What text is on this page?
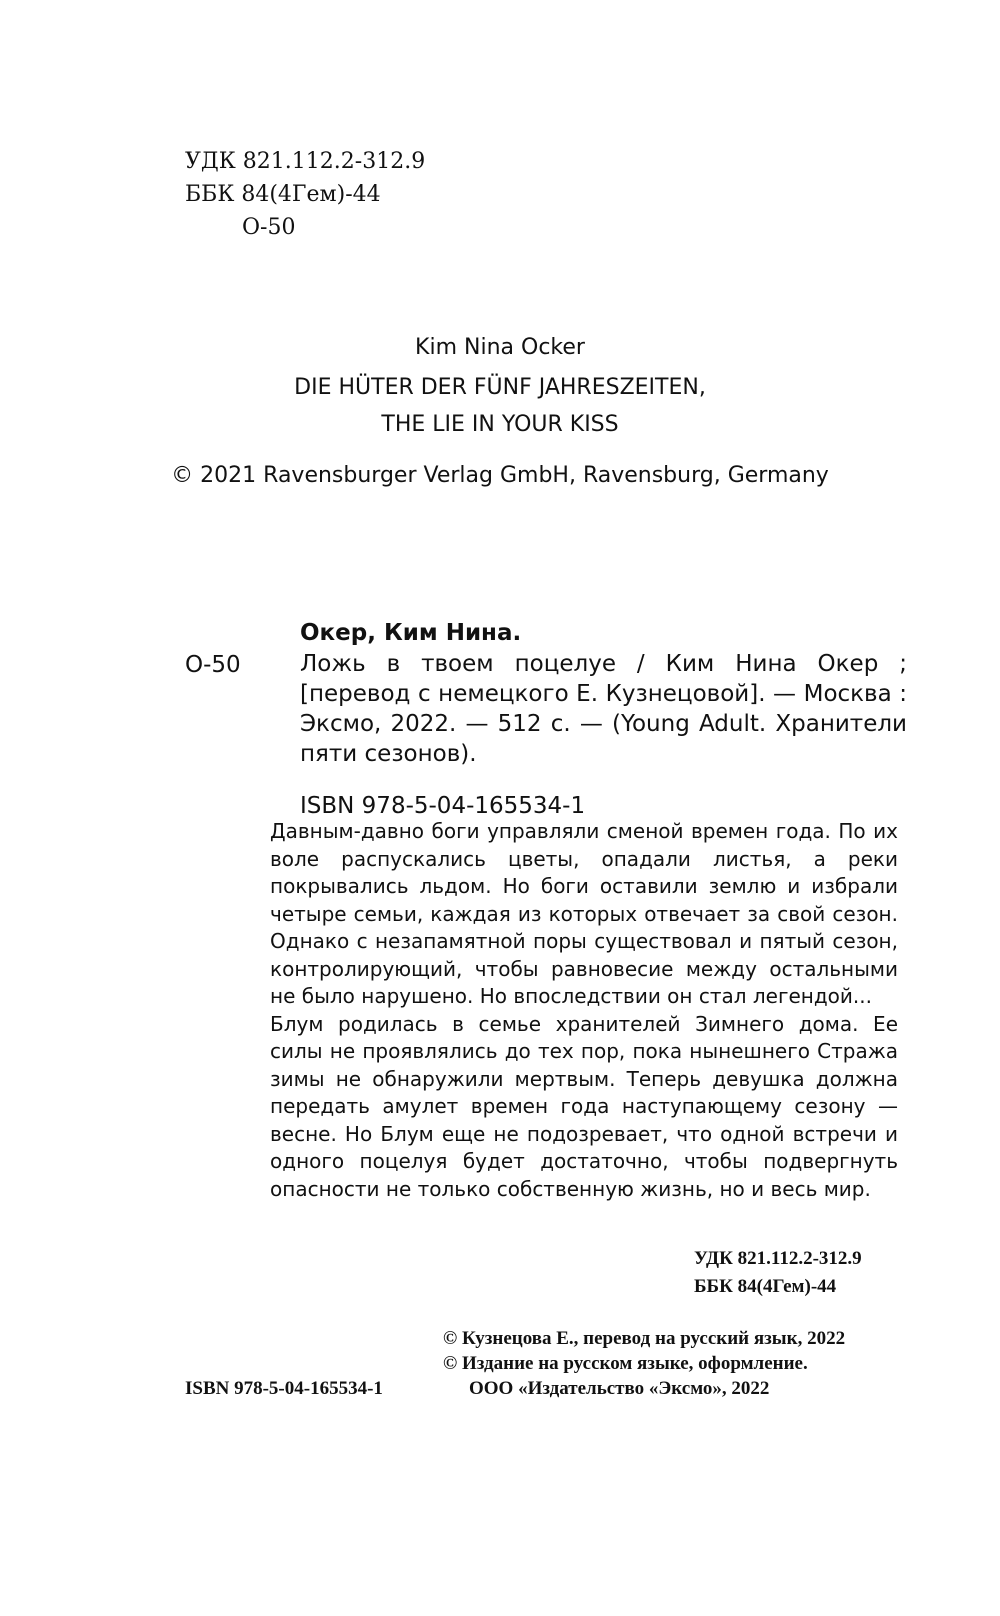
УДК 821.112.2-312.9
ББК 84(4Гем)-44
О-50
Kim Nina Ocker
DIE HÜTER DER FÜNF JAHRESZEITEN,
THE LIE IN YOUR KISS
© 2021 Ravensburger Verlag GmbH, Ravensburg, Germany
Окер, Ким Нина.
О-50	Ложь в твоем поцелуе / Ким Нина Окер ; [перевод с немецкого Е. Кузнецовой]. — Москва : Эксмо, 2022. — 512 с. — (Young Adult. Хранители пяти сезонов).
ISBN 978-5-04-165534-1

Давным-давно боги управляли сменой времен года. По их воле распускались цветы, опадали листья, а реки покрывались льдом. Но боги оставили землю и избрали четыре семьи, каждая из которых отвечает за свой сезон. Однако с незапамятной поры существовал и пятый сезон, контролирующий, чтобы равновесие между остальными не было нарушено. Но впоследствии он стал легендой...

Блум родилась в семье хранителей Зимнего дома. Ее силы не проявлялись до тех пор, пока нынешнего Стража зимы не обнаружили мертвым. Теперь девушка должна передать амулет времен года наступающему сезону — весне. Но Блум еще не подозревает, что одной встречи и одного поцелуя будет достаточно, чтобы подвергнуть опасности не только собственную жизнь, но и весь мир.

УДК 821.112.2-312.9
ББК 84(4Гем)-44
© Кузнецова Е., перевод на русский язык, 2022
© Издание на русском языке, оформление.
ООО «Издательство «Эксмо», 2022
ISBN 978-5-04-165534-1
